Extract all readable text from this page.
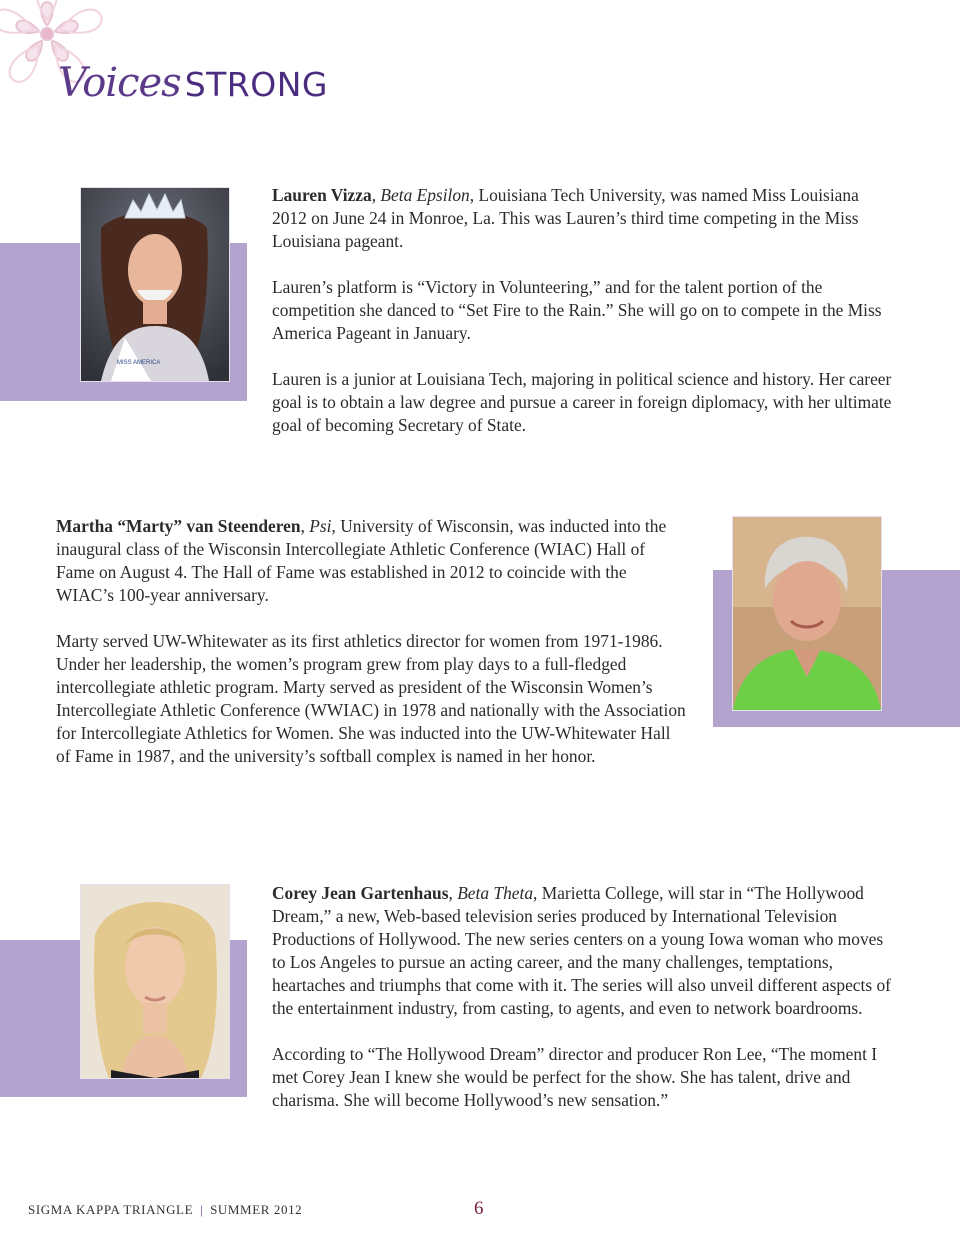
Voices STRONG
MISS AMERICA

Lauren Vizza, Beta Epsilon, Louisiana Tech University, was named Miss Louisiana 2012 on June 24 in Monroe, La. This was Lauren’s third time competing in the Miss Louisiana pageant.

Lauren’s platform is “Victory in Volunteering,” and for the talent portion of the competition she danced to “Set Fire to the Rain.” She will go on to compete in the Miss America Pageant in January.

Lauren is a junior at Louisiana Tech, majoring in political science and history. Her career goal is to obtain a law degree and pursue a career in foreign diplomacy, with her ultimate goal of becoming Secretary of State.

Martha “Marty” van Steenderen, Psi, University of Wisconsin, was inducted into the inaugural class of the Wisconsin Intercollegiate Athletic Conference (WIAC) Hall of Fame on August 4. The Hall of Fame was established in 2012 to coincide with the WIAC’s 100-year anniversary.

Marty served UW-Whitewater as its first athletics director for women from 1971-1986. Under her leadership, the women’s program grew from play days to a full-fledged intercollegiate athletic program. Marty served as president of the Wisconsin Women’s Intercollegiate Athletic Conference (WWIAC) in 1978 and nationally with the Association for Intercollegiate Athletics for Women. She was inducted into the UW-Whitewater Hall of Fame in 1987, and the university’s softball complex is named in her honor.

Corey Jean Gartenhaus, Beta Theta, Marietta College, will star in “The Hollywood Dream,” a new, Web-based television series produced by International Television Productions of Hollywood. The new series centers on a young Iowa woman who moves to Los Angeles to pursue an acting career, and the many challenges, temptations, heartaches and triumphs that come with it. The series will also unveil different aspects of the entertainment industry, from casting, to agents, and even to network boardrooms.

According to “The Hollywood Dream” director and producer Ron Lee, “The moment I met Corey Jean I knew she would be perfect for the show. She has talent, drive and charisma. She will become Hollywood’s new sensation.”

SIGMA KAPPA TRIANGLE | SUMMER 2012	6
